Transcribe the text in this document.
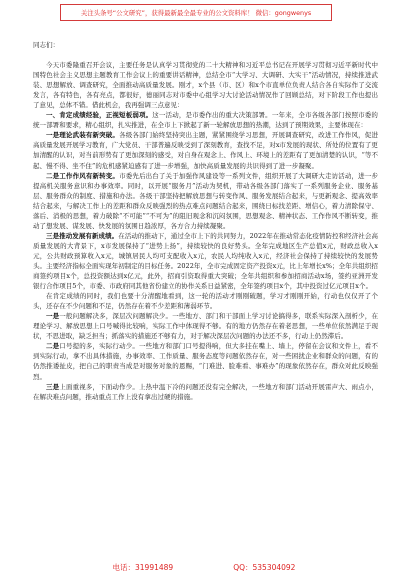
关注头条号“公文研究”，获得最新最全最专业的公文资料库！ 微信：gongwenys

同志们：

今天市委隆重召开会议，主要任务是认真学习贯彻党的二十大精神和习近平总书记在开展学习贯彻习近平新时代中国特色社会主义思想主题教育工作会议上的重要讲话精神，总结全市“大学习、大调研、大实干”活动情况，持续推进武装、思想解放、调查研究，全面推动高质量发展。刚才，x个县（市、区）和x个市直单位负责人结合各自实际作了交流发言，各有特色，各有亮点，都很好，德丽同志对市委中心组学习大讨论活动情况作了回顾总结，对下阶段工作也提出了意见，总体不错。借此机会，我再强调三点意见：

一、肯定成绩经验，正视短板弱项。这一活动，是市委作出的重大决策部署。一年来，全市各级各部门按照市委的统一部署和要求，精心组织，扎实推进，在全市上下掀起了新一轮解放思想的热潮，达到了预期效果，主要体现在：

一是理论武装有新突破。各级各部门始终坚持突出主题，紧紧围绕学习思想，开展调查研究，改进工作作风，促进高质量发展开展学习教育，广大党员、干部普遍反映受到了深刻教育，查找不足，对x市发展的现状、所处的位置有了更加清醒的认识，对当前形势有了更加深刻的感受，对自身在观念上、作风上、环境上的差距有了更加清楚的认识，“等不起、慢不得、坐不住”的危机感紧迫感有了进一步增强，加快高质量发展的共识得到了进一步凝聚。

二是工作作风有新转变。市委先后出台了关于加强作风建设等一系列文件，组织开展了大调研大走访活动，进一步提高机关服务意识和办事效率。同时，以开展“服务月”活动为契机，带动各级各部门落实了一系列服务企业、服务基层、服务群众的制度、措施和办法。各级干部坚持把解放思想与转变作风、服务发展结合起来，与更新观念、提高效率结合起来，与解决工作上的差距和群众反映强烈的热点难点问题结合起来，围绕日标找差距、增信心，着力清除保守、落后、消极的思想，着力破除“不可能”“不可为”的阻旧观念和沉闷氛围，思想观念、精神状态、工作作风不断转变，推动了想发展、谋发展、快发展的氛围日趋浓厚，各方合力持续凝聚。

三是推动发展有新成绩。在活动的推动下，通过全市上下的共同努力，2022年在推动常态化疫情防控和经济社会高质量发展的大背景下，x市发展保持了“进势上扬”，持续较快的良好势头。全年完成地区生产总值x元，财政总收入x元，公共财政预算收入x元，城镇居民人均可支配收入x元，农民人均纯收入x元，经济社会保持了持续较快的发展势头。主要经济指标全面实现年初制定的目标任务。2022年，全市完成固定资产投资x元，比上年增长x%；全年共组织招商签约项目x个，总投资额达到x亿元，此外，招商引资取得重大突破；全年共组织和参加招商活动x场，签约亚洲开发银行合作项目5个，市委、市政府同其他省份建立的协作关系日益紧密，全年签约项目x个，其中投资过亿元项目x个。

在肯定成绩的同时，我们也要十分清醒地看到，这一轮的活动才刚刚破题，学习才刚刚开始，行动也仅仅开了个头，还存在不少问题和不足，仍然存在着不少差距和薄弱环节。

一是一般问题解决多，深层次问题解决少。一些地方、部门和干部面上学习讨论搞得多，联系实际深入剖析少，在理论学习、解放思想上口号喊得比较响，实际工作中体现得不够。有的地方仍然存在着老思想，一些单位依然满足于现状，不思进取，缺乏担当；抓落实的措施还不够有力，对于解决深层次问题的办法还不多，行动上仍然滞后。

二是口号提的多，实际行动少。一些地方和部门口号提得响，但大多挂在嘴上、墙上，停留在会议和文件上，看不到实际行动，拿不出具体措施，办事效率、工作质量、服务态度等问题依然存在，对一些困扰企业和群众的问题，有的仍然推诿扯皮，把自己的职责当成是对服务对象的恩赐，“门难进、脸难看、事难办”的现象依然存在，群众对此反映强烈。

三是上面重视多，下面动作少。上热中温下冷的问题还没有完全解决，一些地方和部门活动开展雷声大、雨点小，在解决难点问题，推动重点工作上没有拿出过硬的措施。

电话：31991489	QQ：535304092
